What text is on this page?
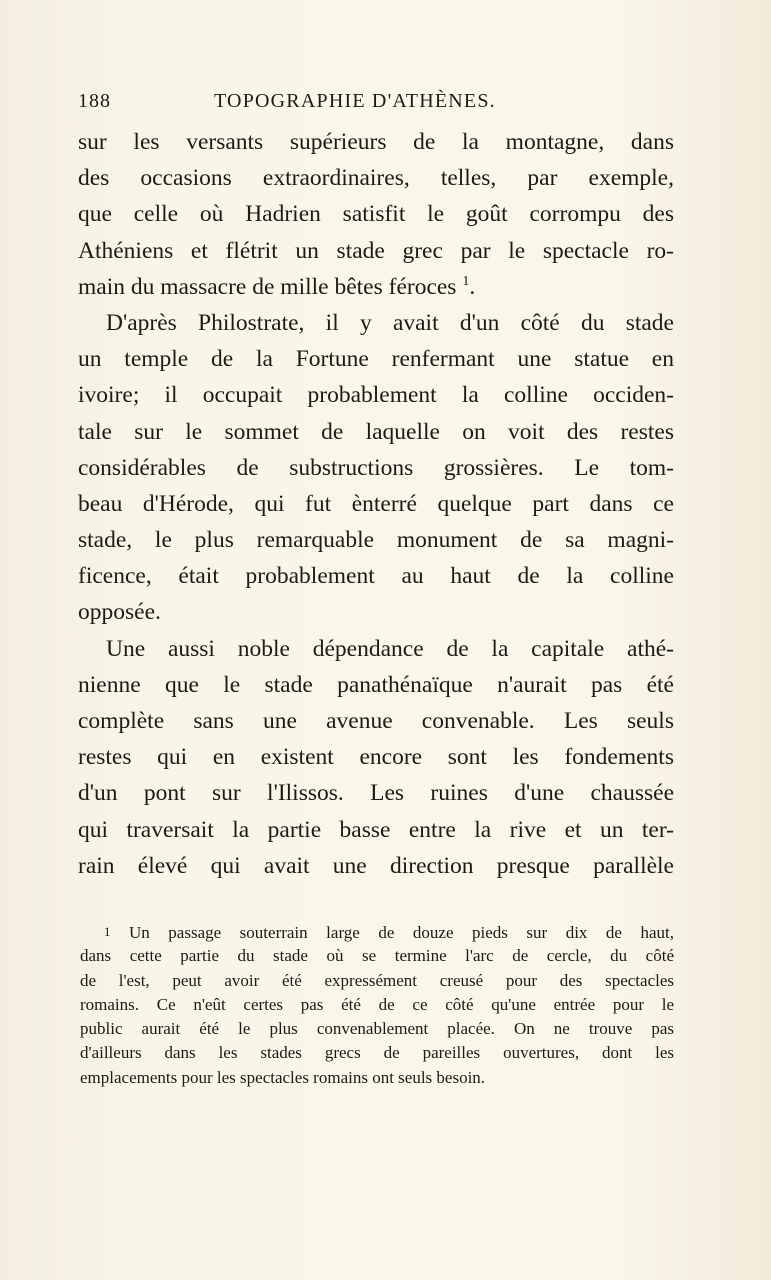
188	TOPOGRAPHIE D'ATHÈNES.
sur les versants supérieurs de la montagne, dans
des occasions extraordinaires, telles, par exemple,
que celle où Hadrien satisfit le goût corrompu des
Athéniens et flétrit un stade grec par le spectacle ro-
main du massacre de mille bêtes féroces $^1$.
D'après Philostrate, il y avait d'un côté du stade
un temple de la Fortune renfermant une statue en
ivoire; il occupait probablement la colline occiden-
tale sur le sommet de laquelle on voit des restes
considérables de substructions grossières. Le tom-
beau d'Hérode, qui fut ènterré quelque part dans ce
stade, le plus remarquable monument de sa magni-
ficence, était probablement au haut de la colline
opposée.
Une aussi noble dépendance de la capitale athé-
nienne que le stade panathénaïque n'aurait pas été
complète sans une avenue convenable. Les seuls
restes qui en existent encore sont les fondements
d'un pont sur l'Ilissos. Les ruines d'une chaussée
qui traversait la partie basse entre la rive et un ter-
rain élevé qui avait une direction presque parallèle
1 Un passage souterrain large de douze pieds sur dix de haut,
dans cette partie du stade où se termine l'arc de cercle, du côté
de l'est, peut avoir été expressément creusé pour des spectacles
romains. Ce n'eût certes pas été de ce côté qu'une entrée pour le
public aurait été le plus convenablement placée. On ne trouve pas
d'ailleurs dans les stades grecs de pareilles ouvertures, dont les
emplacements pour les spectacles romains ont seuls besoin.
